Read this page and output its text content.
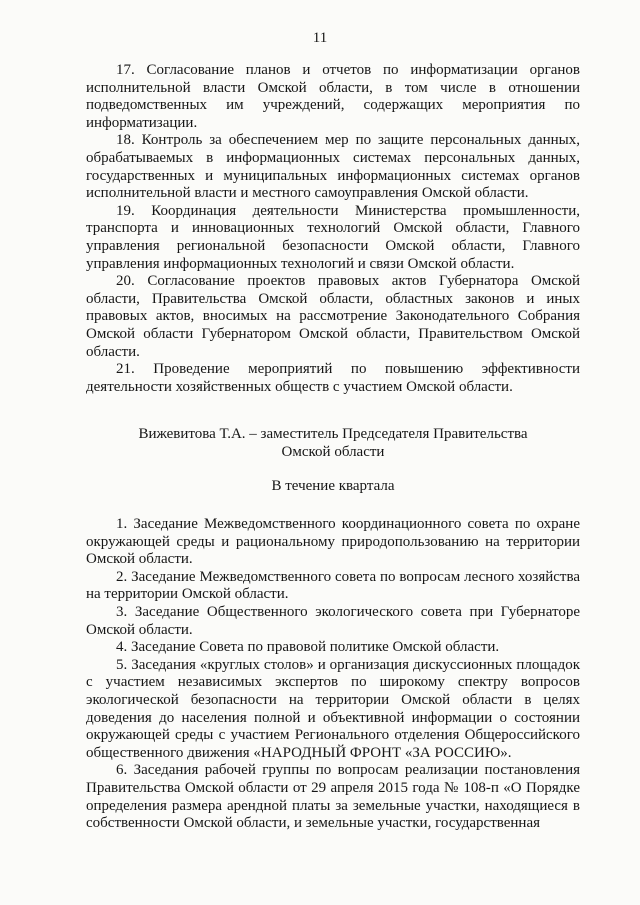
11

17. Согласование планов и отчетов по информатизации органов исполнительной власти Омской области, в том числе в отношении подведомственных им учреждений, содержащих мероприятия по информатизации.

18. Контроль за обеспечением мер по защите персональных данных, обрабатываемых в информационных системах персональных данных, государственных и муниципальных информационных системах органов исполнительной власти и местного самоуправления Омской области.

19. Координация деятельности Министерства промышленности, транспорта и инновационных технологий Омской области, Главного управления региональной безопасности Омской области, Главного управления информационных технологий и связи Омской области.

20. Согласование проектов правовых актов Губернатора Омской области, Правительства Омской области, областных законов и иных правовых актов, вносимых на рассмотрение Законодательного Собрания Омской области Губернатором Омской области, Правительством Омской области.

21. Проведение мероприятий по повышению эффективности деятельности хозяйственных обществ с участием Омской области.

Вижевитова Т.А. – заместитель Председателя Правительства
Омской области
В течение квартала

1. Заседание Межведомственного координационного совета по охране окружающей среды и рациональному природопользованию на территории Омской области.

2. Заседание Межведомственного совета по вопросам лесного хозяйства на территории Омской области.

3. Заседание Общественного экологического совета при Губернаторе Омской области.

4. Заседание Совета по правовой политике Омской области.

5. Заседания «круглых столов» и организация дискуссионных площадок с участием независимых экспертов по широкому спектру вопросов экологической безопасности на территории Омской области в целях доведения до населения полной и объективной информации о состоянии окружающей среды с участием Регионального отделения Общероссийского общественного движения «НАРОДНЫЙ ФРОНТ «ЗА РОССИЮ».

6. Заседания рабочей группы по вопросам реализации постановления Правительства Омской области от 29 апреля 2015 года № 108-п «О Порядке определения размера арендной платы за земельные участки, находящиеся в собственности Омской области, и земельные участки, государственная
